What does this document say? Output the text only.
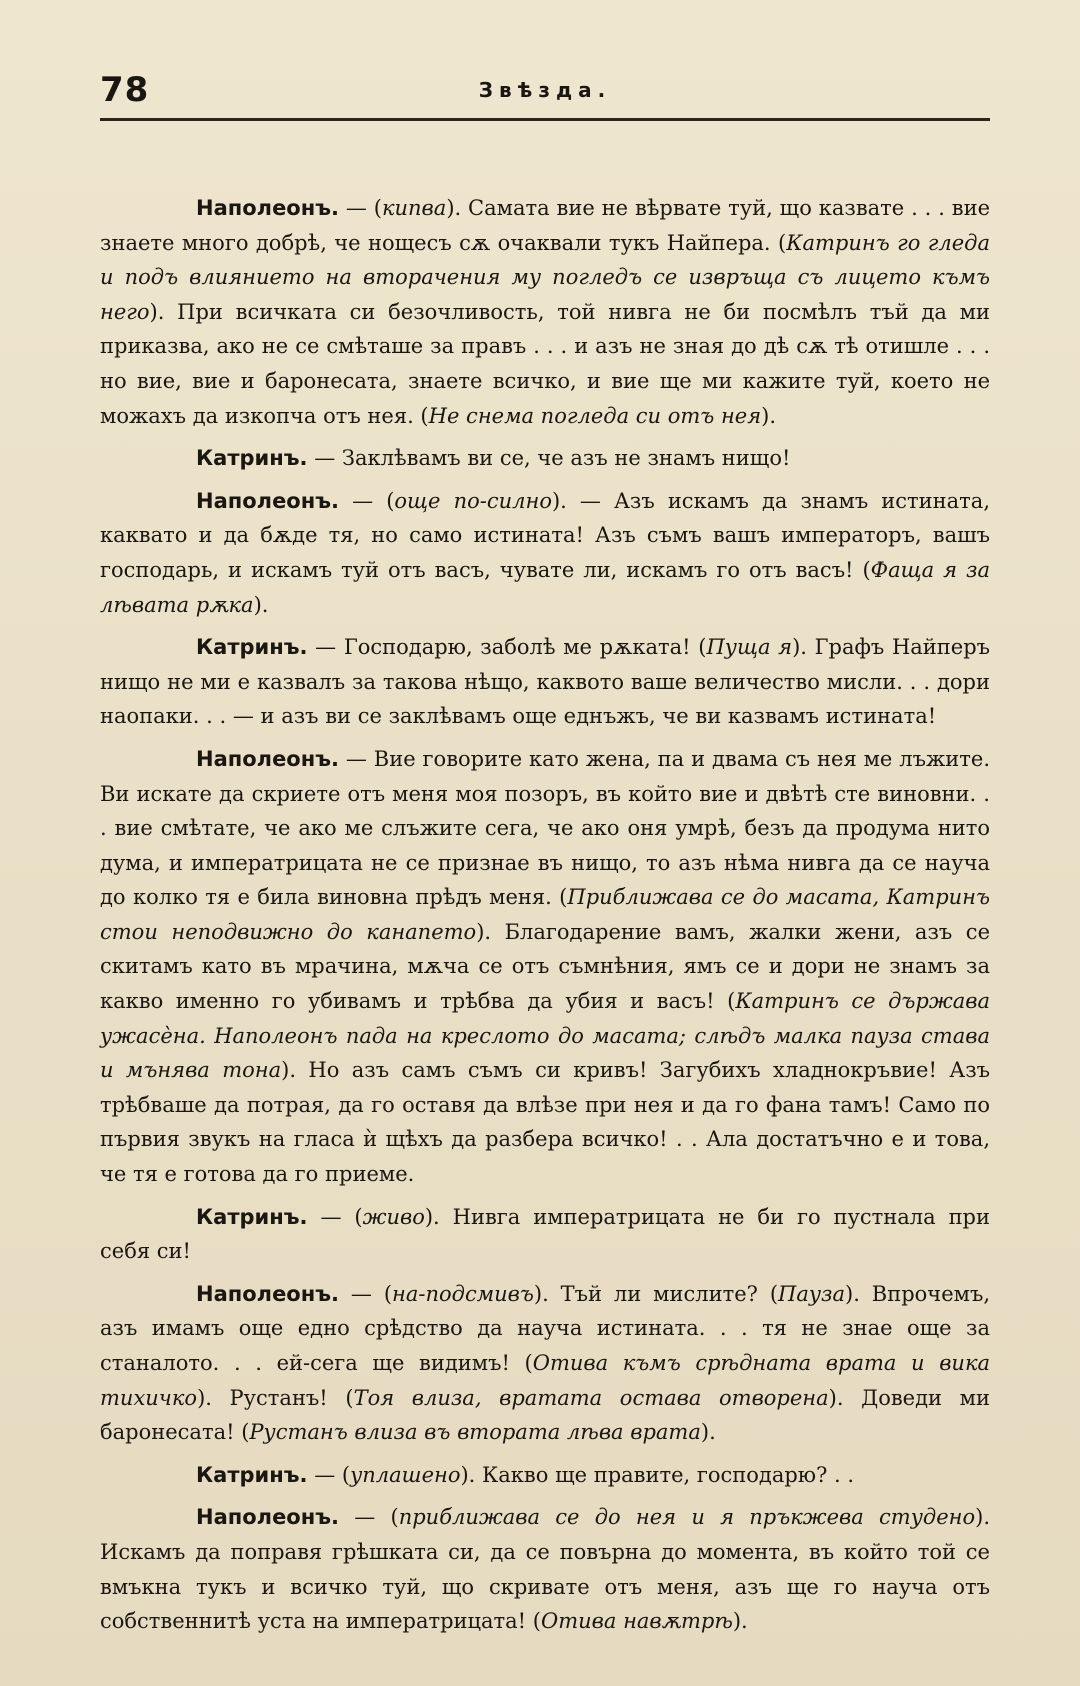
78	Звѣзда.

Наполеонъ. — (кипва). Самата вие не вѣрвате туй, що казвате . . . вие знаете много добрѣ, че нощесъ сѫ очаквали тукъ Найпера. (Катринъ го гледа и подъ влиянието на вторачения му погледъ се извръща съ лицето къмъ него). При всичката си безочливость, той нивга не би посмѣлъ тъй да ми приказва, ако не се смѣташе за правъ . . . и азъ не зная до дѣ сѫ тѣ отишле . . . но вие, вие и баронесата, знаете всичко, и вие ще ми кажите туй, което не можахъ да изкопча отъ нея. (Не снема погледа си отъ нея).

Катринъ. — Заклѣвамъ ви се, че азъ не знамъ нищо!

Наполеонъ. — (още по-силно). — Азъ искамъ да знамъ истината, каквато и да бѫде тя, но само истината! Азъ съмъ вашъ императоръ, вашъ господарь, и искамъ туй отъ васъ, чувате ли, искамъ го отъ васъ! (Фаща я за лѣвата рѫка).

Катринъ. — Господарю, заболѣ ме рѫката! (Пуща я). Графъ Найперъ нищо не ми е казвалъ за такова нѣщо, каквото ваше величество мисли. . . дори наопаки. . . — и азъ ви се заклѣвамъ още еднъжъ, че ви казвамъ истината!

Наполеонъ. — Вие говорите като жена, па и двама съ нея ме лъжите. Ви искате да скриете отъ меня моя позоръ, въ който вие и двѣтѣ сте виновни. . . вие смѣтате, че ако ме слъжите сега, че ако оня умрѣ, безъ да продума нито дума, и императрицата не се признае въ нищо, то азъ нѣма нивга да се науча до колко тя е била виновна прѣдъ меня. (Приближава се до масата, Катринъ стои неподвижно до канапето). Благодарение вамъ, жалки жени, азъ се скитамъ като въ мрачина, мѫча се отъ съмнѣния, ямъ се и дори не знамъ за какво именно го убивамъ и трѣбва да убия и васъ! (Катринъ се държава ужасѐна. Наполеонъ пада на креслото до масата; слѣдъ малка пауза става и мънява тона). Но азъ самъ съмъ си кривъ! Загубихъ хладнокръвие! Азъ трѣбваше да потрая, да го оставя да влѣзе при нея и да го фана тамъ! Само по първия звукъ на гласа ѝ щѣхъ да разбера всичко! . . Ала достатъчно е и това, че тя е готова да го приеме.

Катринъ. — (живо). Нивга императрицата не би го пустнала при себя си!

Наполеонъ. — (на-подсмивъ). Тъй ли мислите? (Пауза). Впрочемъ, азъ имамъ още едно срѣдство да науча истината. . . тя не знае още за станалото. . . ей-сега ще видимъ! (Отива къмъ срѣдната врата и вика тихичко). Рустанъ! (Тоя влиза, вратата остава отворена). Доведи ми баронесата! (Рустанъ влиза въ втората лѣва врата).

Катринъ. — (уплашено). Какво ще правите, господарю? . .

Наполеонъ. — (приближава се до нея и я пръкжева студено). Искамъ да поправя грѣшката си, да се повърна до момента, въ който той се вмъкна тукъ и всичко туй, що скривате отъ меня, азъ ще го науча отъ собственнитѣ уста на императрицата! (Отива навѫтрѣ).
